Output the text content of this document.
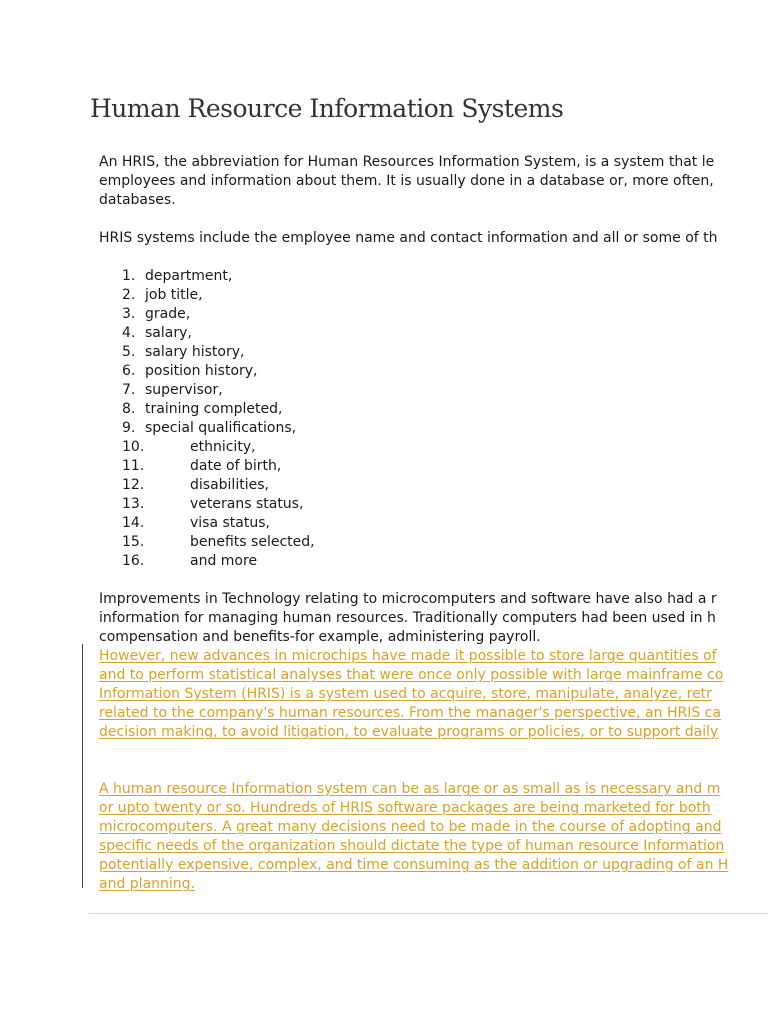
Human Resource Information Systems

An HRIS, the abbreviation for Human Resources Information System, is a system that le
employees and information about them. It is usually done in a database or, more often,
databases.

HRIS systems include the employee name and contact information and all or some of th

1. department,
2. job title,
3. grade,
4. salary,
5. salary history,
6. position history,
7. supervisor,
8. training completed,
9. special qualifications,
10.	ethnicity,
11.	date of birth,
12.	disabilities,
13.	veterans status,
14.	visa status,
15.	benefits selected,
16.	and more

Improvements in Technology relating to microcomputers and software have also had a r
information for managing human resources. Traditionally computers had been used in h
compensation and benefits-for example, administering payroll.

However, new advances in microchips have made it possible to store large quantities of
and to perform statistical analyses that were once only possible with large mainframe co
Information System (HRIS) is a system used to acquire, store, manipulate, analyze, retr
related to the company's human resources. From the manager's perspective, an HRIS ca
decision making, to avoid litigation, to evaluate programs or policies, or to support daily

A human resource Information system can be as large or as small as is necessary and m
or upto twenty or so. Hundreds of HRIS software packages are being marketed for both
microcomputers. A great many decisions need to be made in the course of adopting and
specific needs of the organization should dictate the type of human resource Information
potentially expensive, complex, and time consuming as the addition or upgrading of an H
and planning.
